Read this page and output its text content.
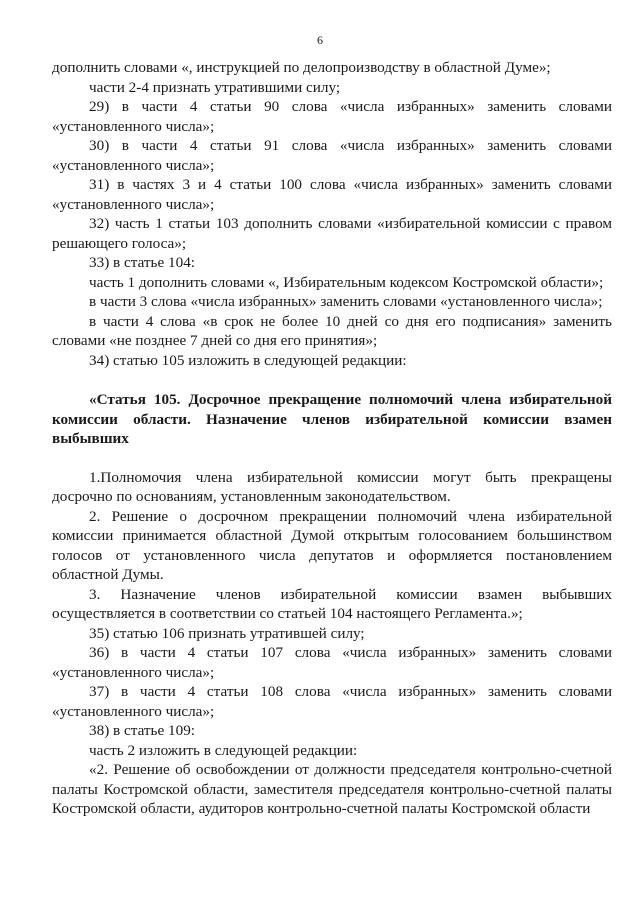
6

дополнить словами «, инструкцией по делопроизводству в областной Думе»;

части 2-4 признать утратившими силу;

29) в части 4 статьи 90 слова «числа избранных» заменить словами «установленного числа»;

30) в части 4 статьи 91 слова «числа избранных» заменить словами «установленного числа»;

31) в частях 3 и 4 статьи 100 слова «числа избранных» заменить словами «установленного числа»;

32) часть 1 статьи 103 дополнить словами «избирательной комиссии с правом решающего голоса»;

33) в статье 104:

часть 1 дополнить словами «, Избирательным кодексом Костромской области»;

в части 3 слова «числа избранных» заменить словами «установленного числа»;

в части 4 слова «в срок не более 10 дней со дня его подписания» заменить словами «не позднее 7 дней со дня его принятия»;

34) статью 105 изложить в следующей редакции:

«Статья 105. Досрочное прекращение полномочий члена избирательной комиссии области. Назначение членов избирательной комиссии взамен выбывших

1.Полномочия члена избирательной комиссии могут быть прекращены досрочно по основаниям, установленным законодательством.

2. Решение о досрочном прекращении полномочий члена избирательной комиссии принимается областной Думой открытым голосованием большинством голосов от установленного числа депутатов и оформляется постановлением областной Думы.

3. Назначение членов избирательной комиссии взамен выбывших осуществляется в соответствии со статьей 104 настоящего Регламента.»;

35) статью 106 признать утратившей силу;

36) в части 4 статьи 107 слова «числа избранных» заменить словами «установленного числа»;

37) в части 4 статьи 108 слова «числа избранных» заменить словами «установленного числа»;

38) в статье 109:

часть 2 изложить в следующей редакции:

«2. Решение об освобождении от должности председателя контрольно-счетной палаты Костромской области, заместителя председателя контрольно-счетной палаты Костромской области, аудиторов контрольно-счетной палаты Костромской области
